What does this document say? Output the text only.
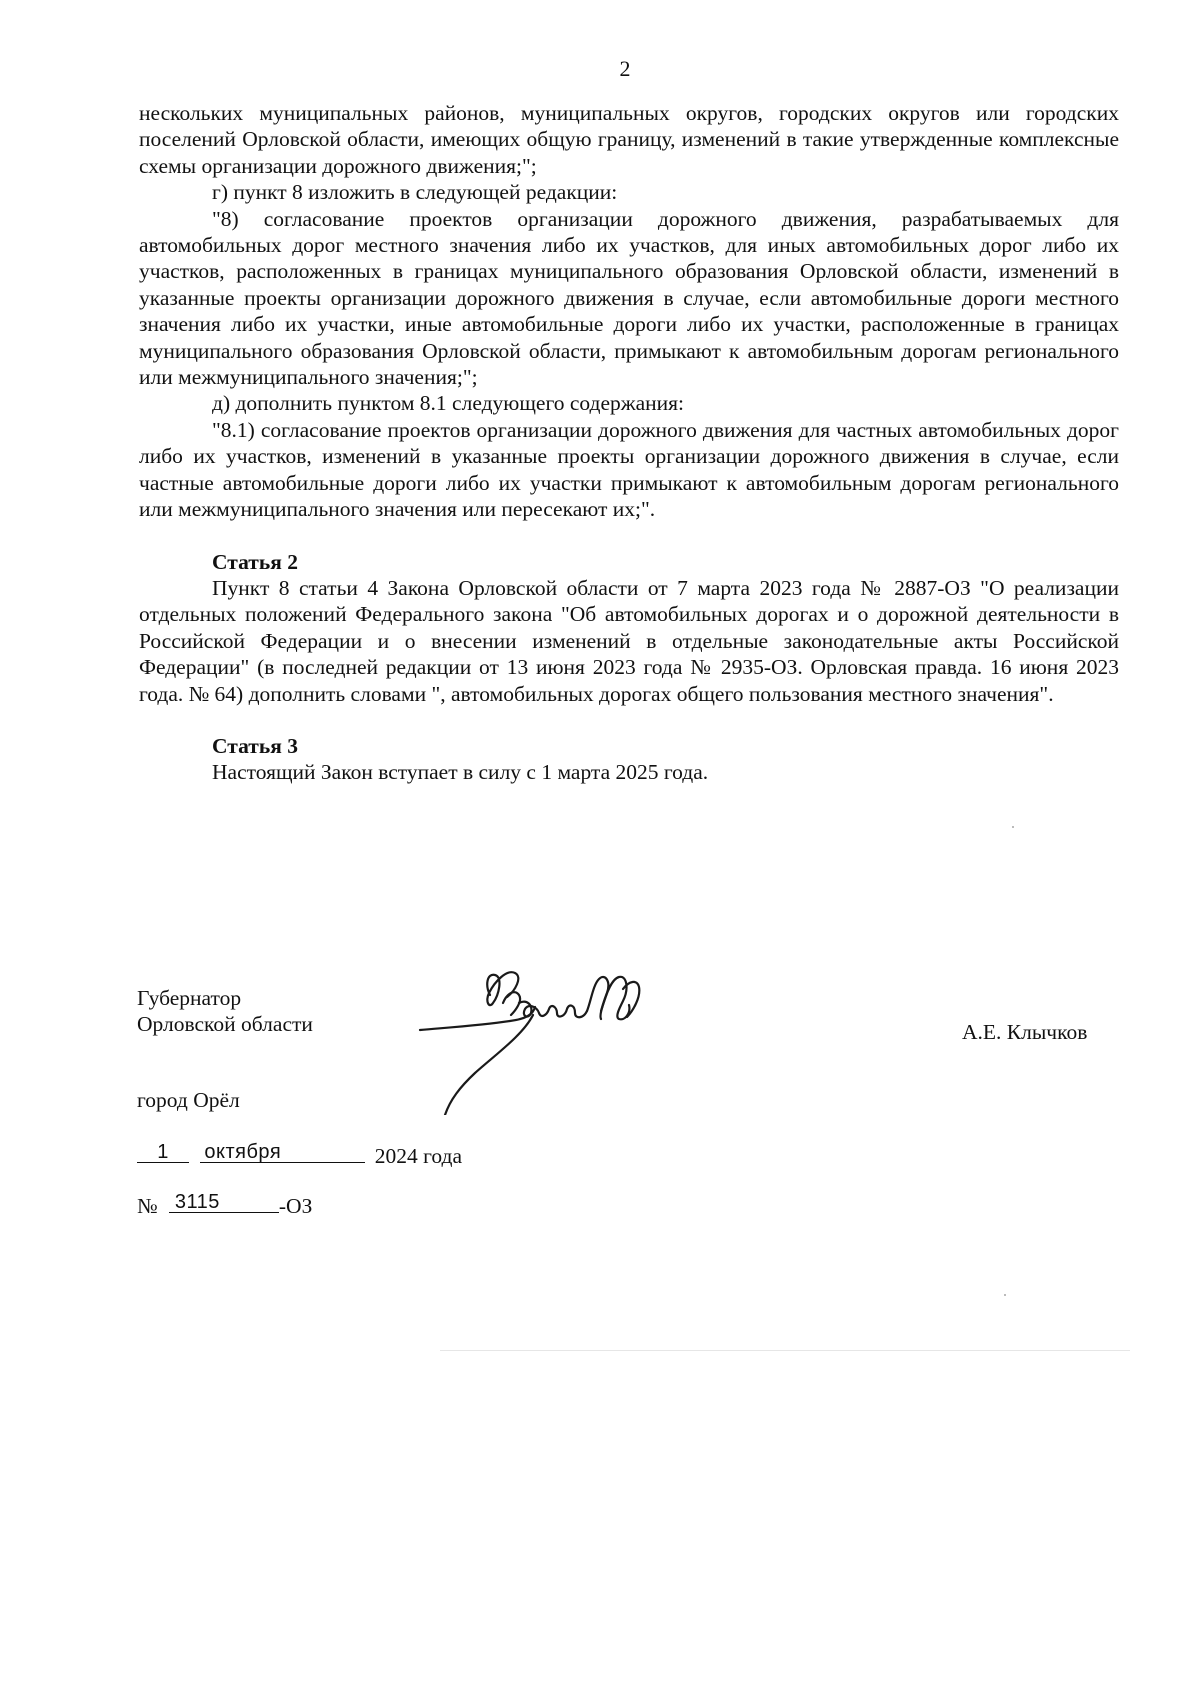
2

нескольких муниципальных районов, муниципальных округов, городских округов или городских поселений Орловской области, имеющих общую границу, изменений в такие утвержденные комплексные схемы организации дорожного движения;";

г) пункт 8 изложить в следующей редакции:

"8) согласование проектов организации дорожного движения, разрабатываемых для автомобильных дорог местного значения либо их участков, для иных автомобильных дорог либо их участков, расположенных в границах муниципального образования Орловской области, изменений в указанные проекты организации дорожного движения в случае, если автомобильные дороги местного значения либо их участки, иные автомобильные дороги либо их участки, расположенные в границах муниципального образования Орловской области, примыкают к автомобильным дорогам регионального или межмуниципального значения;";

д) дополнить пунктом 8.1 следующего содержания:

"8.1) согласование проектов организации дорожного движения для частных автомобильных дорог либо их участков, изменений в указанные проекты организации дорожного движения в случае, если частные автомобильные дороги либо их участки примыкают к автомобильным дорогам регионального или межмуниципального значения или пересекают их;".

Статья 2

Пункт 8 статьи 4 Закона Орловской области от 7 марта 2023 года № 2887-ОЗ "О реализации отдельных положений Федерального закона "Об автомобильных дорогах и о дорожной деятельности в Российской Федерации и о внесении изменений в отдельные законодательные акты Российской Федерации" (в последней редакции от 13 июня 2023 года № 2935-ОЗ. Орловская правда. 16 июня 2023 года. № 64) дополнить словами ", автомобильных дорогах общего пользования местного значения".

Статья 3

Настоящий Закон вступает в силу с 1 марта 2025 года.

Губернатор
Орловской области	А.Е. Клычков
город Орёл
1
	октября	2024 года
№ 3115	-ОЗ
